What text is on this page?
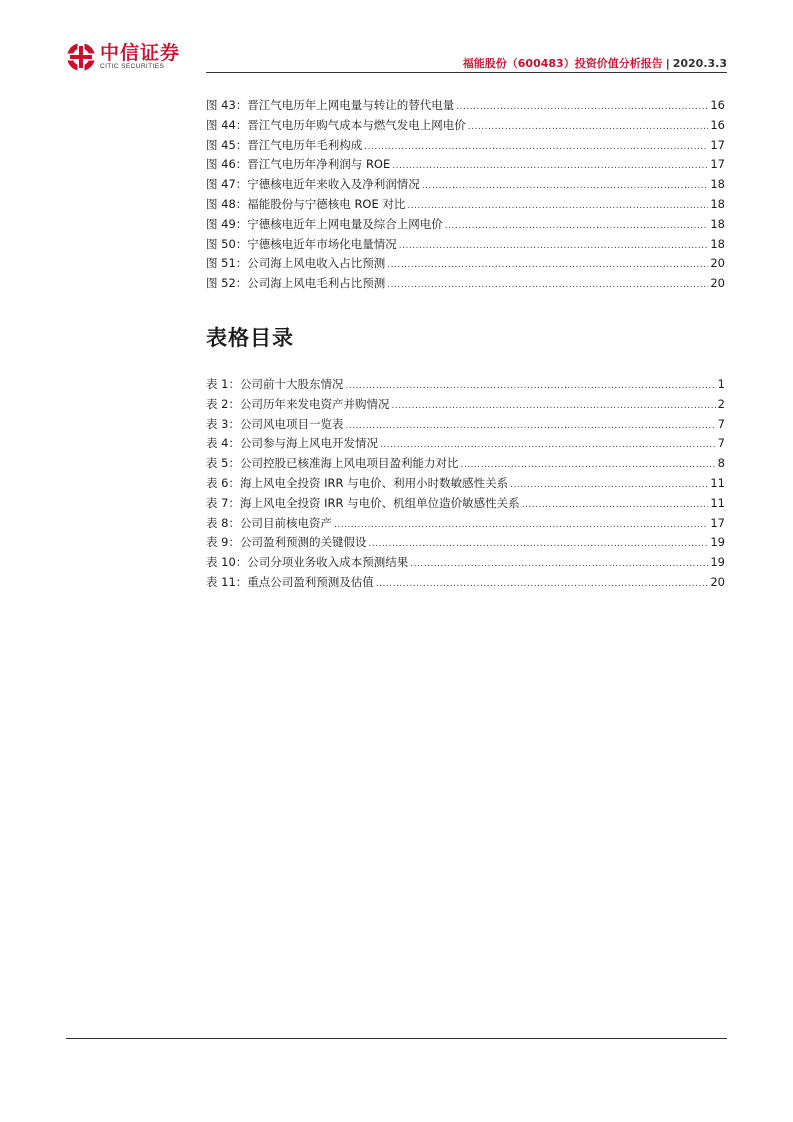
中信证券
CITIC SECURITIES	福能股份（600483）投资价值分析报告 | 2020.3.3
图 43：晋江气电历年上网电量与转让的替代电量 .....	16
图 44：晋江气电历年购气成本与燃气发电上网电价 .....	16
图 45：晋江气电历年毛利构成 .....	17
图 46：晋江气电历年净利润与 ROE .....	17
图 47：宁德核电近年来收入及净利润情况 .....	18
图 48：福能股份与宁德核电 ROE 对比 .....	18
图 49：宁德核电近年上网电量及综合上网电价 .....	18
图 50：宁德核电近年市场化电量情况 .....	18
图 51：公司海上风电收入占比预测 .....	20
图 52：公司海上风电毛利占比预测 .....	20
表格目录
表 1：公司前十大股东情况 .....	1
表 2：公司历年来发电资产并购情况 .....	2
表 3：公司风电项目一览表 .....	7
表 4：公司参与海上风电开发情况 .....	7
表 5：公司控股已核准海上风电项目盈利能力对比 .....	8
表 6：海上风电全投资 IRR 与电价、利用小时数敏感性关系 .....	11
表 7：海上风电全投资 IRR 与电价、机组单位造价敏感性关系 .....	11
表 8：公司目前核电资产 .....	17
表 9：公司盈利预测的关键假设 .....	19
表 10：公司分项业务收入成本预测结果 .....	19
表 11：重点公司盈利预测及估值 .....	20
